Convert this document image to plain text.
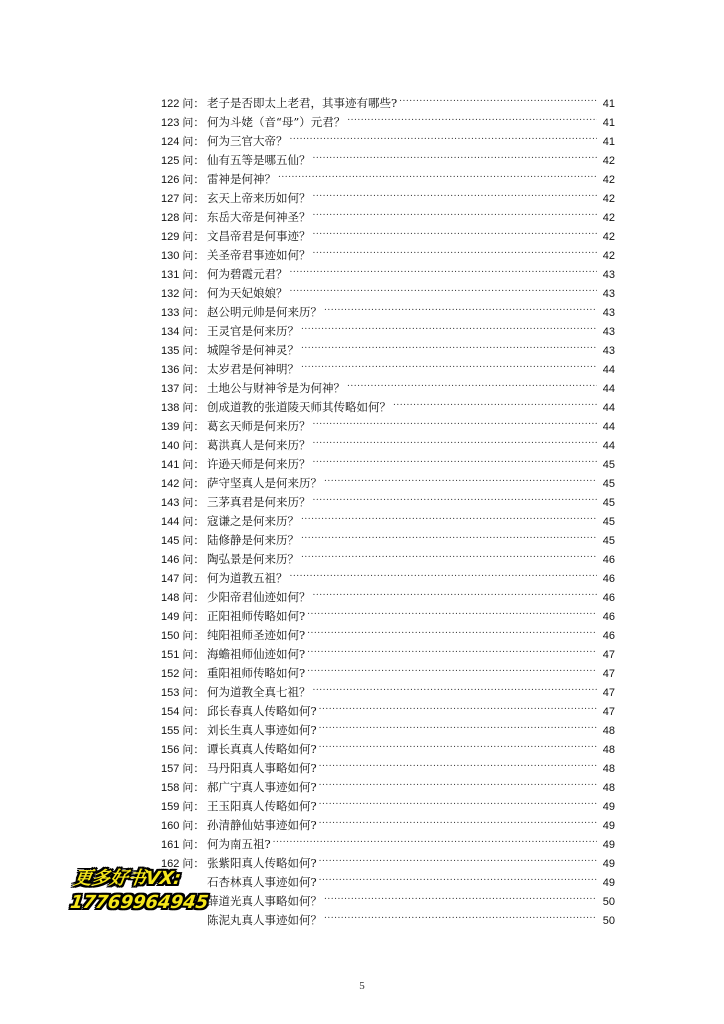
122 问： 老子是否即太上老君，其事迹有哪些? .....	41
123 问： 何为斗姥（音“母”）元君？ .....	41
124 问： 何为三官大帝？ .....	41
125 问： 仙有五等是哪五仙？ .....	42
126 问： 雷神是何神？ .....	42
127 问： 玄天上帝来历如何？ .....	42
128 问： 东岳大帝是何神圣？ .....	42
129 问： 文昌帝君是何事迹？ .....	42
130 问： 关圣帝君事迹如何？ .....	42
131 问： 何为碧霞元君？ .....	43
132 问： 何为天妃娘娘？ .....	43
133 问： 赵公明元帅是何来历？ .....	43
134 问： 王灵官是何来历？ .....	43
135 问： 城隍爷是何神灵？ .....	43
136 问： 太岁君是何神明？ .....	44
137 问： 土地公与财神爷是为何神？ .....	44
138 问： 创成道教的张道陵天师其传略如何？ .....	44
139 问： 葛玄天师是何来历？ .....	44
140 问： 葛洪真人是何来历？ .....	44
141 问： 许逊天师是何来历？ .....	45
142 问： 萨守坚真人是何来历？ .....	45
143 问： 三茅真君是何来历？ .....	45
144 问： 寇谦之是何来历？ .....	45
145 问： 陆修静是何来历？ .....	45
146 问： 陶弘景是何来历？ .....	46
147 问： 何为道教五祖？ .....	46
148 问： 少阳帝君仙迹如何？ .....	46
149 问： 正阳祖师传略如何? .....	46
150 问： 纯阳祖师圣迹如何? .....	46
151 问： 海蟾祖师仙迹如何? .....	47
152 问： 重阳祖师传略如何? .....	47
153 问： 何为道教全真七祖？ .....	47
154 问： 邱长春真人传略如何? .....	47
155 问： 刘长生真人事迹如何? .....	48
156 问： 谭长真真人传略如何? .....	48
157 问： 马丹阳真人事略如何? .....	48
158 问： 郝广宁真人事迹如何? .....	48
159 问： 王玉阳真人传略如何? .....	49
160 问： 孙清静仙姑事迹如何? .....	49
161 问： 何为南五祖? .....	49
162 问： 张紫阳真人传略如何? .....	49
石杏林真人事迹如何? .....	49
薛道光真人事略如何？ .....	50
陈泥丸真人事迹如何？ .....	50
更多好书VX:
17769964945
5
